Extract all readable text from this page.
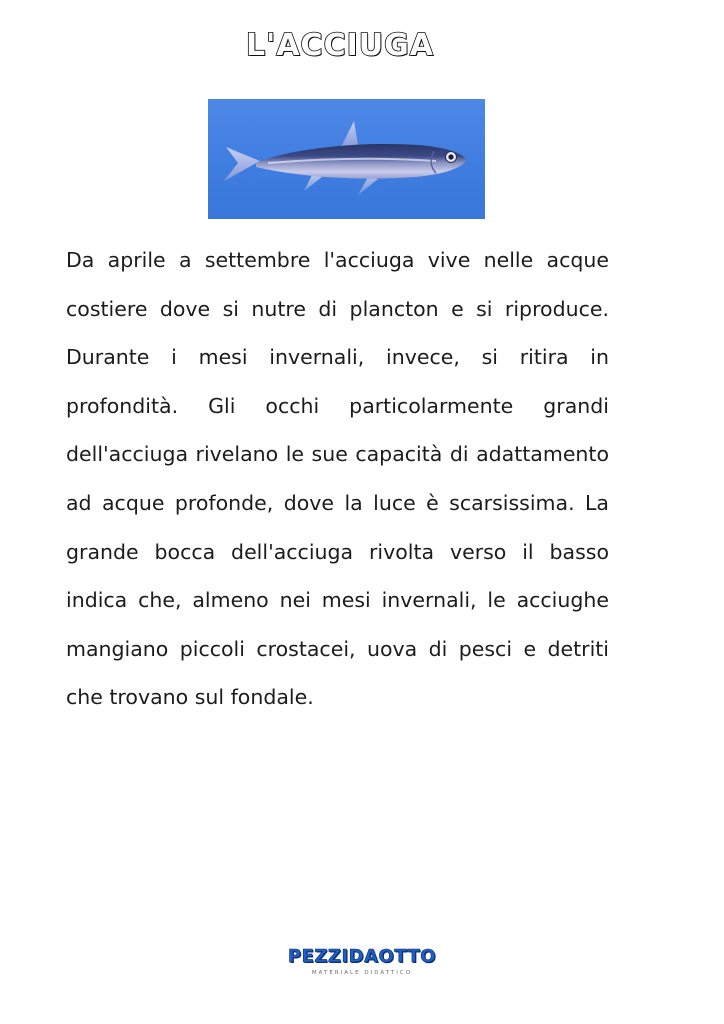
L'ACCIUGA

Da aprile a settembre l'acciuga vive nelle acque costiere dove si nutre di plancton e si riproduce. Durante i mesi invernali, invece, si ritira in profondità. Gli occhi particolarmente grandi dell'acciuga rivelano le sue capacità di adattamento ad acque profonde, dove la luce è scarsissima. La grande bocca dell'acciuga rivolta verso il basso indica che, almeno nei mesi invernali, le acciughe mangiano piccoli crostacei, uova di pesci e detriti che trovano sul fondale.

PEZZIDAOTTO
MATERIALE DIDATTICO
